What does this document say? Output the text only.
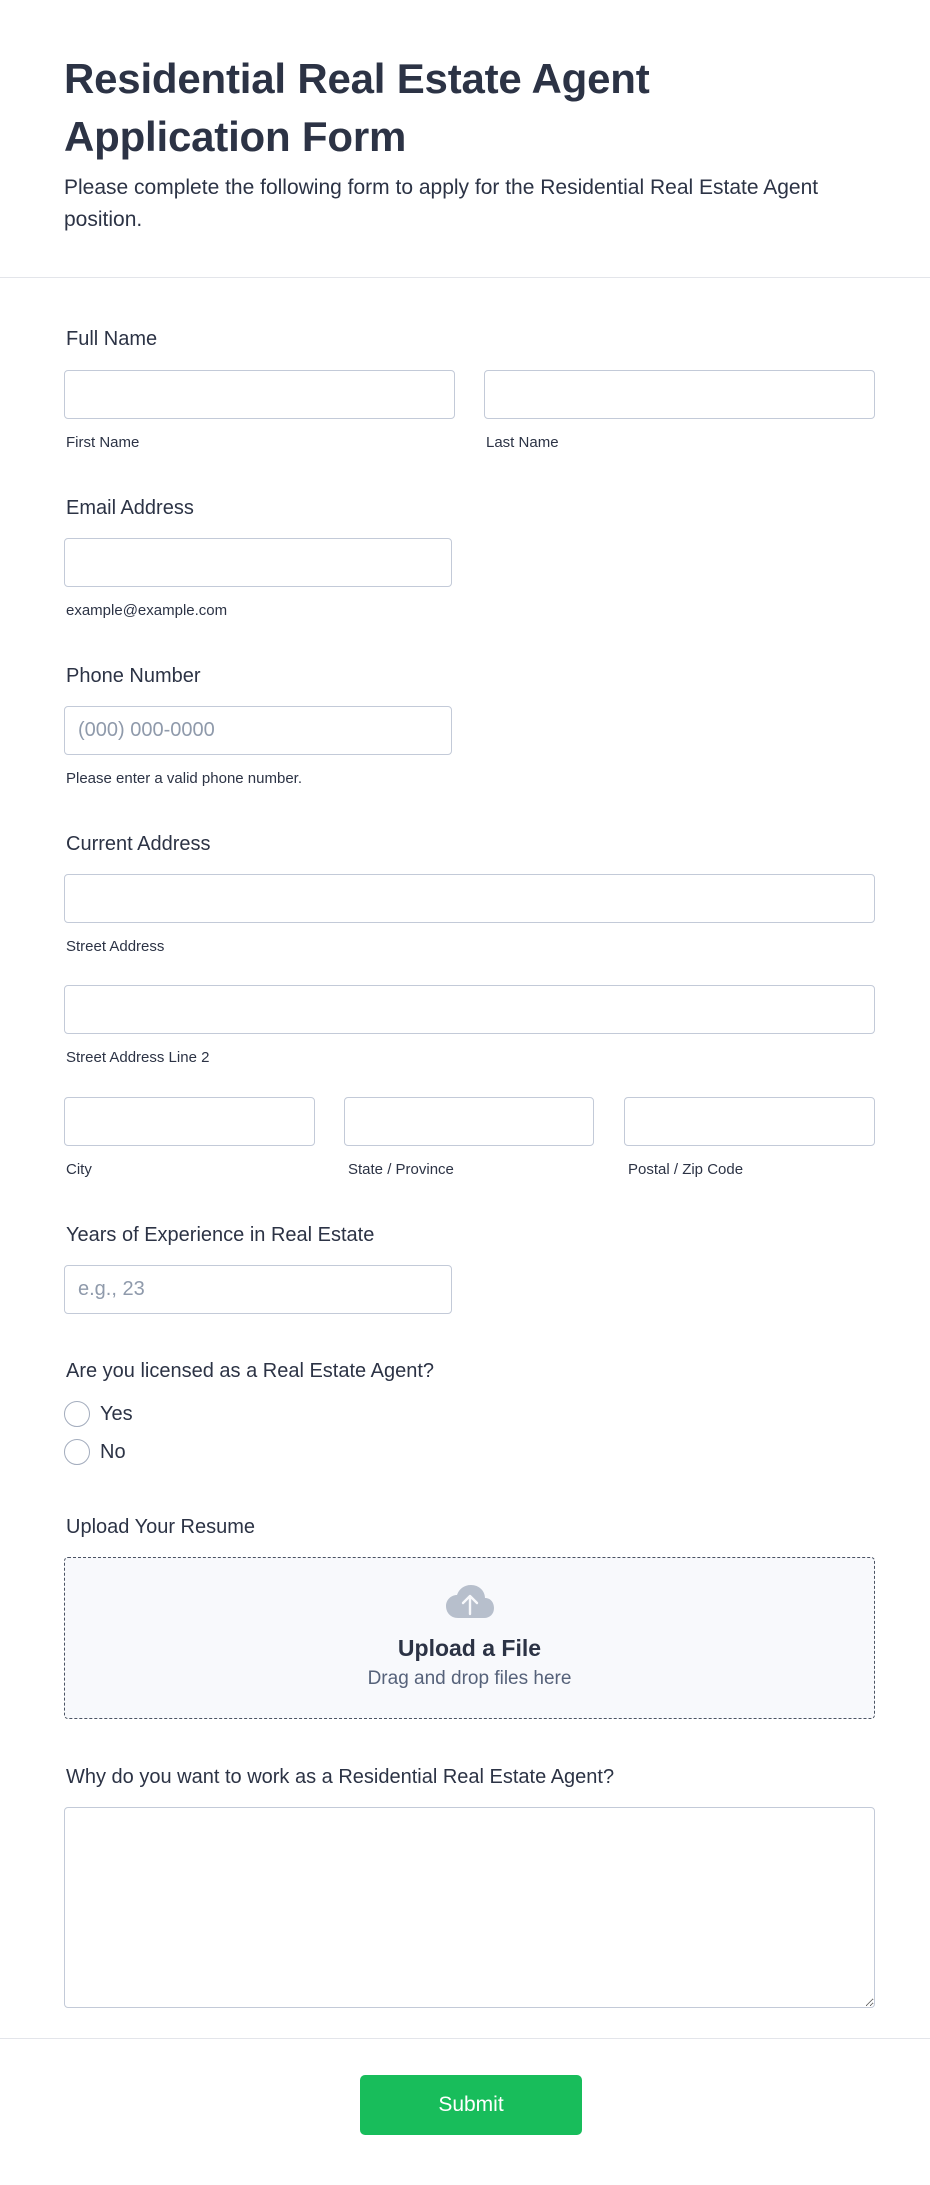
Residential Real Estate Agent Application Form

Please complete the following form to apply for the Residential Real Estate Agent position.

Full Name
First Name	Last Name
Email Address
example@example.com
Phone Number
(000) 000-0000
Please enter a valid phone number.
Current Address
Street Address
Street Address Line 2
City	State / Province	Postal / Zip Code
Years of Experience in Real Estate
e.g., 23
Are you licensed as a Real Estate Agent?
Yes
No
Upload Your Resume
Upload a File
Drag and drop files here
Why do you want to work as a Residential Real Estate Agent?
Submit
